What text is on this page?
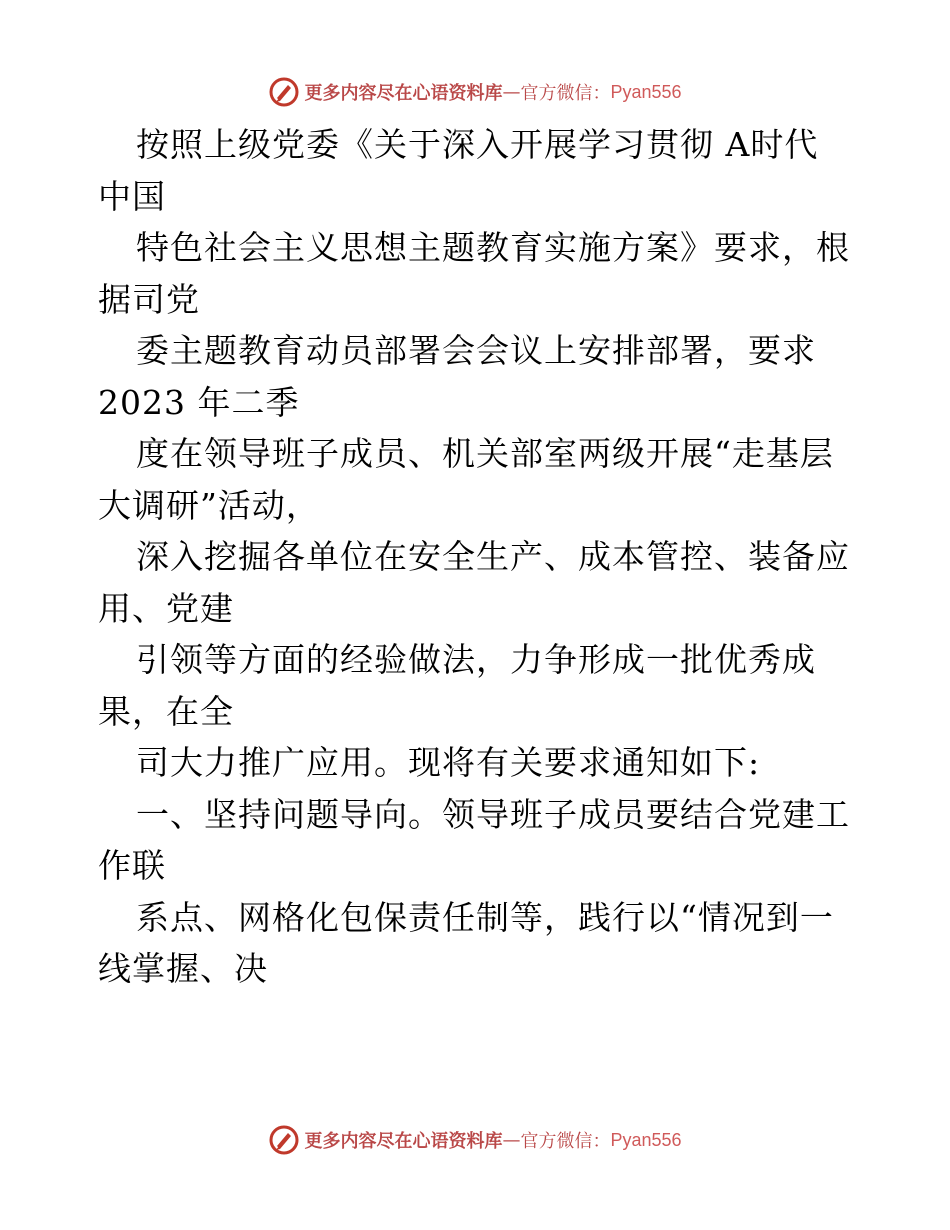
更多内容尽在心语资料库 — 官方微信： Pyan556
按照上级党委《关于深入开展学习贯彻 A时代
中国
特色社会主义思想主题教育实施方案》要求，根
据司党
委主题教育动员部署会会议上安排部署，要求
2023 年二季
度在领导班子成员、机关部室两级开展“走基层
大调研”活动，
深入挖掘各单位在安全生产、成本管控、装备应
用、党建
引领等方面的经验做法，力争形成一批优秀成
果，在全
司大力推广应用。现将有关要求通知如下:
一、坚持问题导向。领导班子成员要结合党建工
作联
系点、网格化包保责任制等，践行以“情况到一
线掌握、决
更多内容尽在心语资料库 — 官方微信： Pyan556
